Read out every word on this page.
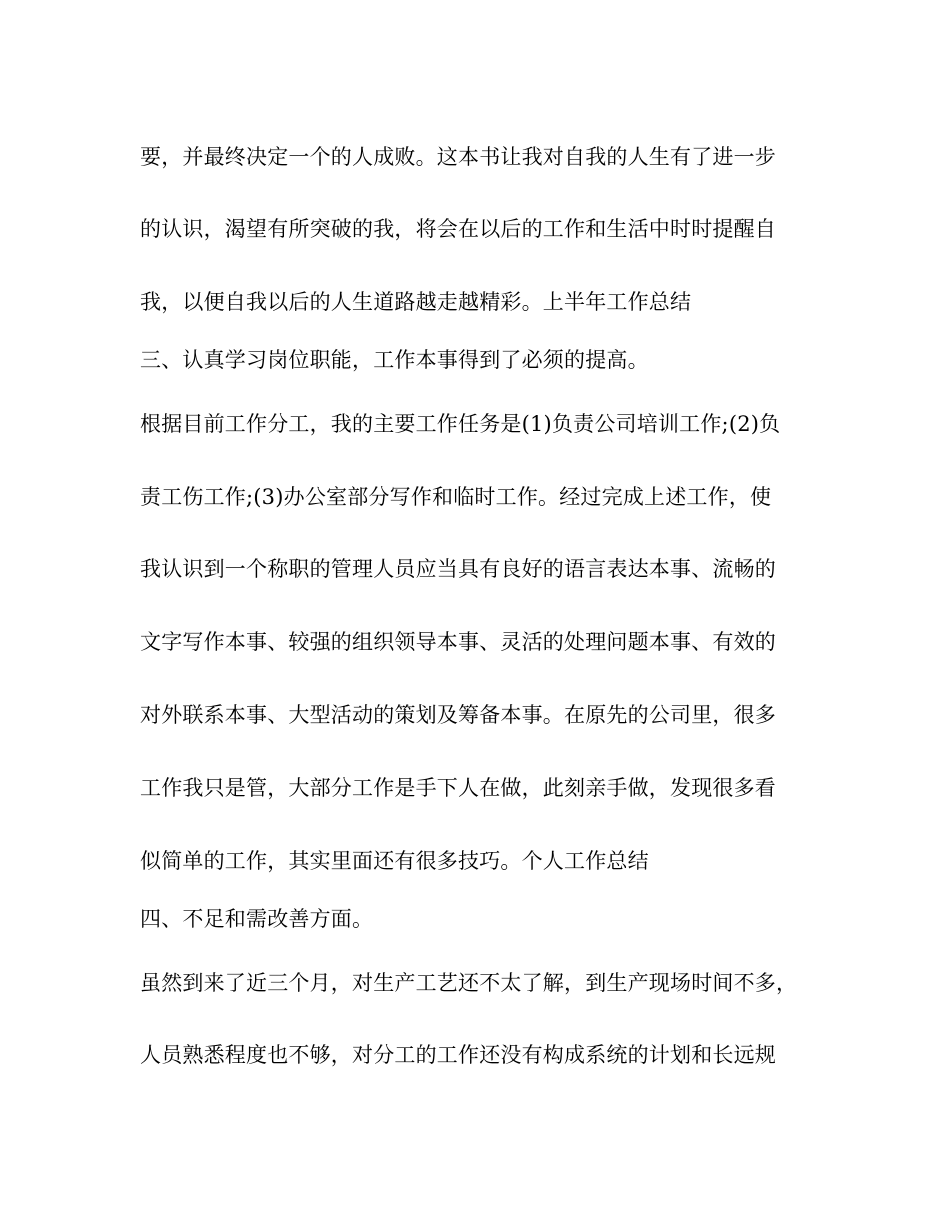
要，并最终决定一个的人成败。这本书让我对自我的人生有了进一步
的认识，渴望有所突破的我，将会在以后的工作和生活中时时提醒自
我，以便自我以后的人生道路越走越精彩。上半年工作总结
三、认真学习岗位职能，工作本事得到了必须的提高。
根据目前工作分工，我的主要工作任务是(1)负责公司培训工作;(2)负
责工伤工作;(3)办公室部分写作和临时工作。经过完成上述工作，使
我认识到一个称职的管理人员应当具有良好的语言表达本事、流畅的
文字写作本事、较强的组织领导本事、灵活的处理问题本事、有效的
对外联系本事、大型活动的策划及筹备本事。在原先的公司里，很多
工作我只是管，大部分工作是手下人在做，此刻亲手做，发现很多看
似简单的工作，其实里面还有很多技巧。个人工作总结
四、不足和需改善方面。
虽然到来了近三个月，对生产工艺还不太了解，到生产现场时间不多，
人员熟悉程度也不够，对分工的工作还没有构成系统的计划和长远规
